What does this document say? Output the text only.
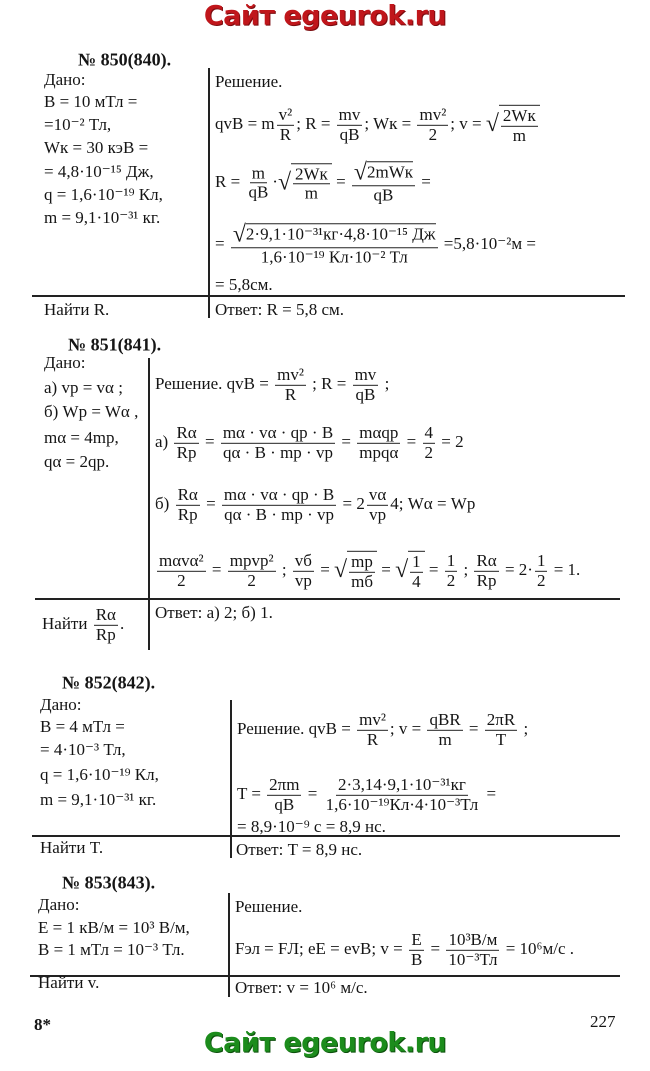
Сайт egeurok.ru
№ 850(840).
Дано:
B = 10 мТл =
=10⁻² Тл,
Wк = 30 кэВ =
= 4,8·10⁻¹⁵ Дж,
q = 1,6·10⁻¹⁹ Кл,
m = 9,1·10⁻³¹ кг.
Решение.
qvB = m $\frac{\text{v²}}{R}$ ; $R = \frac{mv}{qB}$ ; Wк = $\frac{\text{mv²}}{2}$ ; v = √ $\frac{2Wк}{m}$
$R = \frac{m}{qB}$ · √ $\frac{2Wк}{m} = \frac{\text{√ 2mWк}}{qB}$ =
= $\frac{\text{√ 2·9,1·10⁻³¹кг·4,8·10⁻¹⁵ Дж}}{\text{1,6·10⁻¹⁹ Кл·10⁻² Тл}} =5,8\cdot 10^{-2}м$ =
= 5,8см.
Найти R.	Ответ: R = 5,8 см.
№ 851(841).
Дано:
а) vp = vα ;
б) Wp = Wα ,
mα = 4mp,
qα = 2qp.
Решение. qvB = $\frac{\text{mv²}}{R}$ ; $R = \frac{mv}{qB}$ ;
$а) \frac{R\alpha}{Rp} = \frac{m\alpha \cdot v\alpha \cdot qp \cdot B}{q\alpha \cdot B \cdot mp \cdot vp} = \frac{\text{mαqp}}{\text{mpqα}} = \frac{4}{2} = 2$
$б) \frac{R\alpha}{Rp} = \frac{m\alpha \cdot v\alpha \cdot qp \cdot B}{q\alpha \cdot B \cdot mp \cdot vp} = 2 \frac{v\alpha}{vp} 4$; Wα = Wp
$\frac{\text{mαvα²}}{2} = \frac{\text{mpvp²}}{2}$ ; $\frac{vб}{vp}$ = √ $\frac{mp}{mб}$ = √ $\frac{1}{4} = \frac{1}{2}$ ; $\frac{R\alpha}{Rp} = 2\cdot \frac{1}{2} = 1$.
Найти $\frac{R\alpha}{Rp}$ .
Ответ: а) 2; б) 1.
№ 852(842).
Дано:
B = 4 мТл =
= 4·10⁻³ Тл,
q = 1,6·10⁻¹⁹ Кл,
m = 9,1·10⁻³¹ кг.
Решение. qvB = $\frac{\text{mv²}}{R}$ ; $v = \frac{\text{qBR}}{m} = \frac{2\pi R}{T}$ ;
$T = \frac{2\pi m}{qB} = \frac{\text{2·3,14·9,1·10⁻³¹кг}}{\text{1,6·10⁻¹⁹Кл·4·10⁻³Тл}}$ =
= 8,9·10⁻⁹ с = 8,9 нс.
Найти T.	Ответ: T = 8,9 нс.
№ 853(843).
Дано:
E = 1 кВ/м = 10³ В/м,
B = 1 мТл = 10⁻³ Тл.
Решение.
Fэл = FЛ; eE = evB; $v = \frac{E}{B} = \frac{\text{10³В/м}}{\text{10⁻³Тл}} = 10^6м/с$ .
Найти v.	Ответ: v = 10⁶ м/с.
8*	227
Сайт egeurok.ru
